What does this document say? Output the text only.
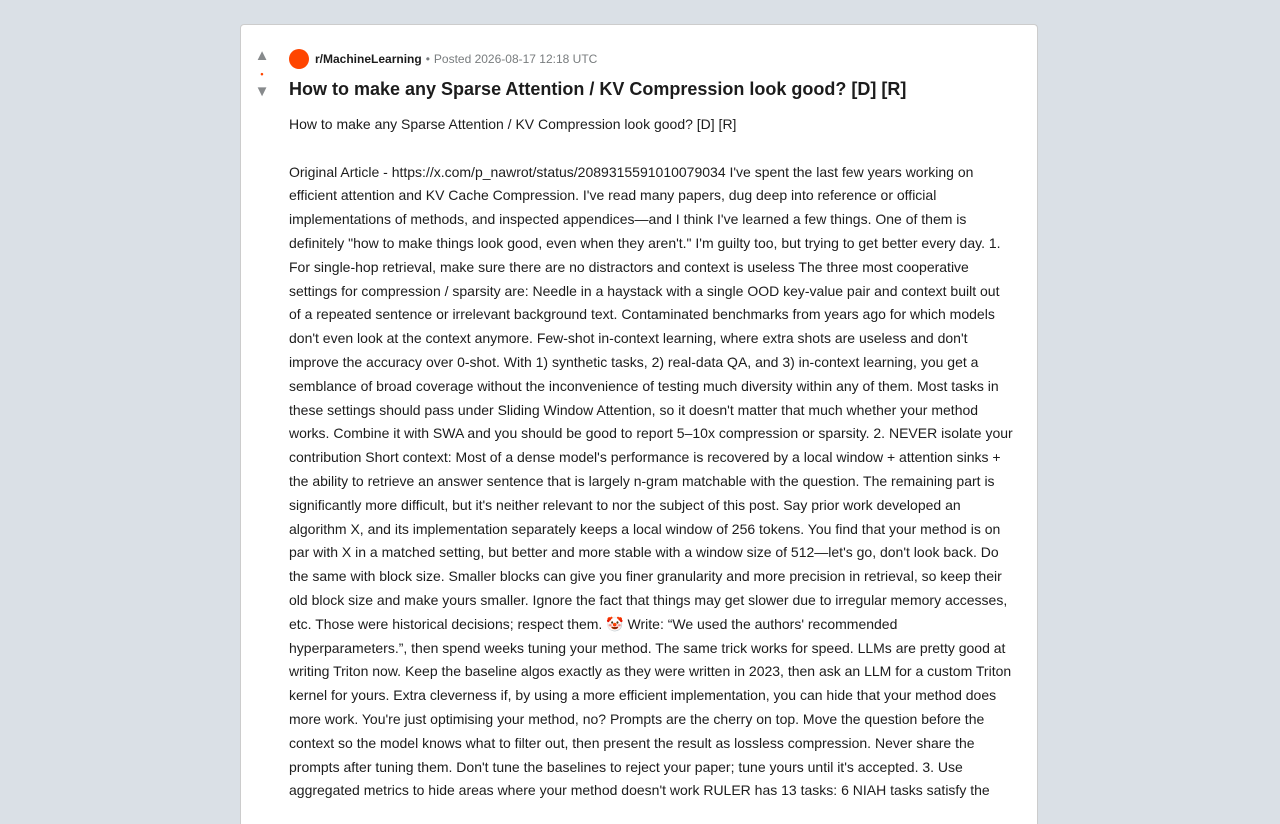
▲
•
▼
r/MachineLearning • Posted 2026-08-17 12:18 UTC
How to make any Sparse Attention / KV Compression look good? [D] [R]
How to make any Sparse Attention / KV Compression look good? [D] [R]

Original Article - https://x.com/p_nawrot/status/2089315591010079034 I've spent the last few years working on efficient attention and KV Cache Compression. I've read many papers, dug deep into reference or official implementations of methods, and inspected appendices—and I think I've learned a few things. One of them is definitely "how to make things look good, even when they aren't." I'm guilty too, but trying to get better every day. 1. For single-hop retrieval, make sure there are no distractors and context is useless The three most cooperative settings for compression / sparsity are: Needle in a haystack with a single OOD key-value pair and context built out of a repeated sentence or irrelevant background text. Contaminated benchmarks from years ago for which models don't even look at the context anymore. Few-shot in-context learning, where extra shots are useless and don't improve the accuracy over 0-shot. With 1) synthetic tasks, 2) real-data QA, and 3) in-context learning, you get a semblance of broad coverage without the inconvenience of testing much diversity within any of them. Most tasks in these settings should pass under Sliding Window Attention, so it doesn't matter that much whether your method works. Combine it with SWA and you should be good to report 5–10x compression or sparsity. 2. NEVER isolate your contribution Short context: Most of a dense model's performance is recovered by a local window + attention sinks + the ability to retrieve an answer sentence that is largely n-gram matchable with the question. The remaining part is significantly more difficult, but it's neither relevant to nor the subject of this post. Say prior work developed an algorithm X, and its implementation separately keeps a local window of 256 tokens. You find that your method is on par with X in a matched setting, but better and more stable with a window size of 512—let's go, don't look back. Do the same with block size. Smaller blocks can give you finer granularity and more precision in retrieval, so keep their old block size and make yours smaller. Ignore the fact that things may get slower due to irregular memory accesses, etc. Those were historical decisions; respect them. 🤡 Write: “We used the authors' recommended hyperparameters.”, then spend weeks tuning your method. The same trick works for speed. LLMs are pretty good at writing Triton now. Keep the baseline algos exactly as they were written in 2023, then ask an LLM for a custom Triton kernel for yours. Extra cleverness if, by using a more efficient implementation, you can hide that your method does more work. You're just optimising your method, no? Prompts are the cherry on top. Move the question before the context so the model knows what to filter out, then present the result as lossless compression. Never share the prompts after tuning them. Don't tune the baselines to reject your paper; tune yours until it's accepted. 3. Use aggregated metrics to hide areas where your method doesn't work RULER has 13 tasks: 6 NIAH tasks satisfy the
